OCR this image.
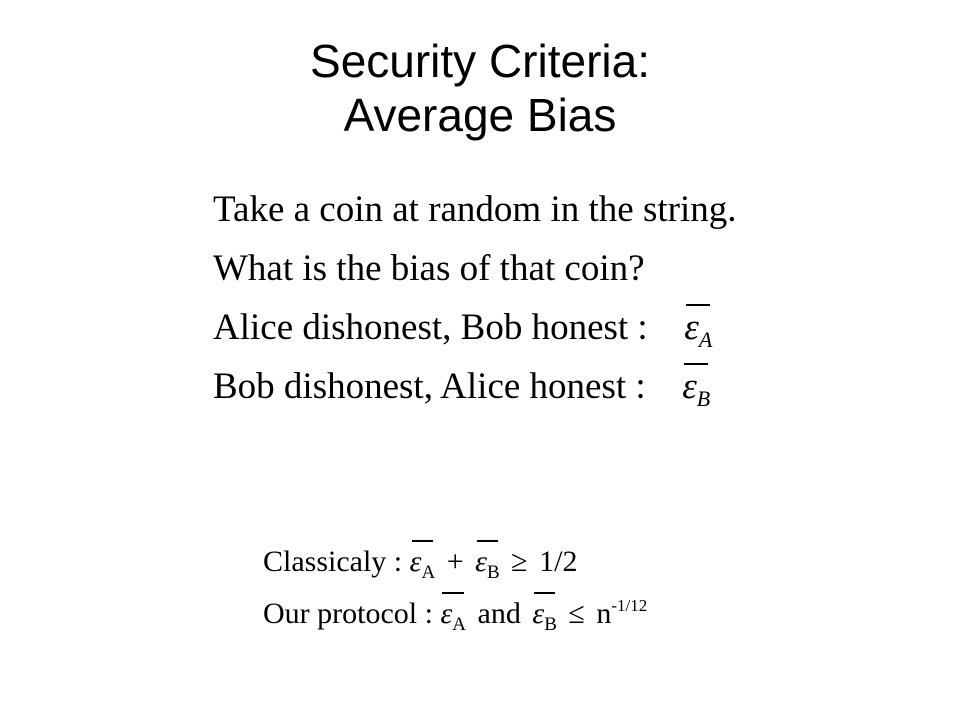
Security Criteria:
Average Bias
Take a coin at random in the string.
What is the bias of that coin?
Alice dishonest, Bob honest : $\varepsilon_A$
Bob dishonest, Alice honest : $\varepsilon_B$
Classicaly : $\varepsilon_A + \varepsilon_B \ge 1/2$
Our protocol : $\varepsilon_A$ and $\varepsilon_B \le n^{-1/12}$
